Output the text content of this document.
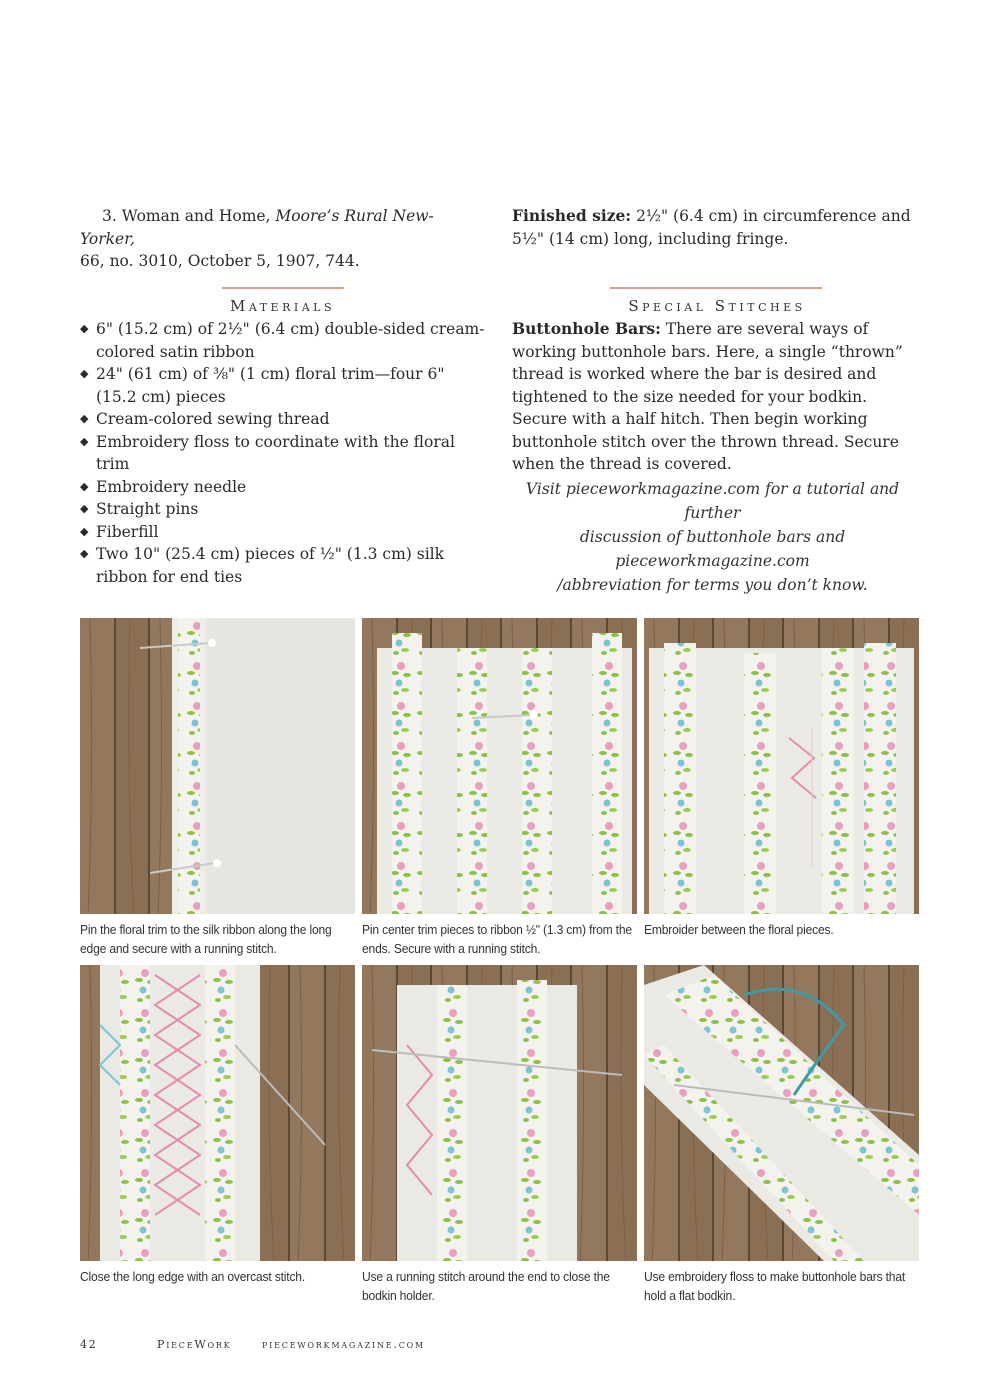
3. Woman and Home, Moore’s Rural New-Yorker,
66, no. 3010, October 5, 1907, 744.
Finished size: 2½" (6.4 cm) in circumference and 5½" (14 cm) long, including fringe.
Materials
◆ 6" (15.2 cm) of 2½" (6.4 cm) double-sided cream-colored satin ribbon
◆ 24" (61 cm) of ⅜" (1 cm) floral trim—four 6" (15.2 cm) pieces
◆ Cream-colored sewing thread
◆ Embroidery floss to coordinate with the floral trim
◆ Embroidery needle
◆ Straight pins
◆ Fiberfill
◆ Two 10" (25.4 cm) pieces of ½" (1.3 cm) silk ribbon for end ties
Special Stitches
Buttonhole Bars: There are several ways of working buttonhole bars. Here, a single “thrown” thread is worked where the bar is desired and tightened to the size needed for your bodkin. Secure with a half hitch. Then begin working buttonhole stitch over the thrown thread. Secure when the thread is covered.
Visit pieceworkmagazine.com for a tutorial and further
discussion of buttonhole bars and pieceworkmagazine.com
/abbreviation for terms you don’t know.
Pin the floral trim to the silk ribbon along the long edge and secure with a running stitch.
Pin center trim pieces to ribbon ½" (1.3 cm) from the ends. Secure with a running stitch.
Embroider between the floral pieces.
Close the long edge with an overcast stitch.	Use a running stitch around the end to close the bodkin holder.
Use embroidery floss to make buttonhole bars that hold a flat bodkin.
42	PieceWork	pieceworkmagazine.com
